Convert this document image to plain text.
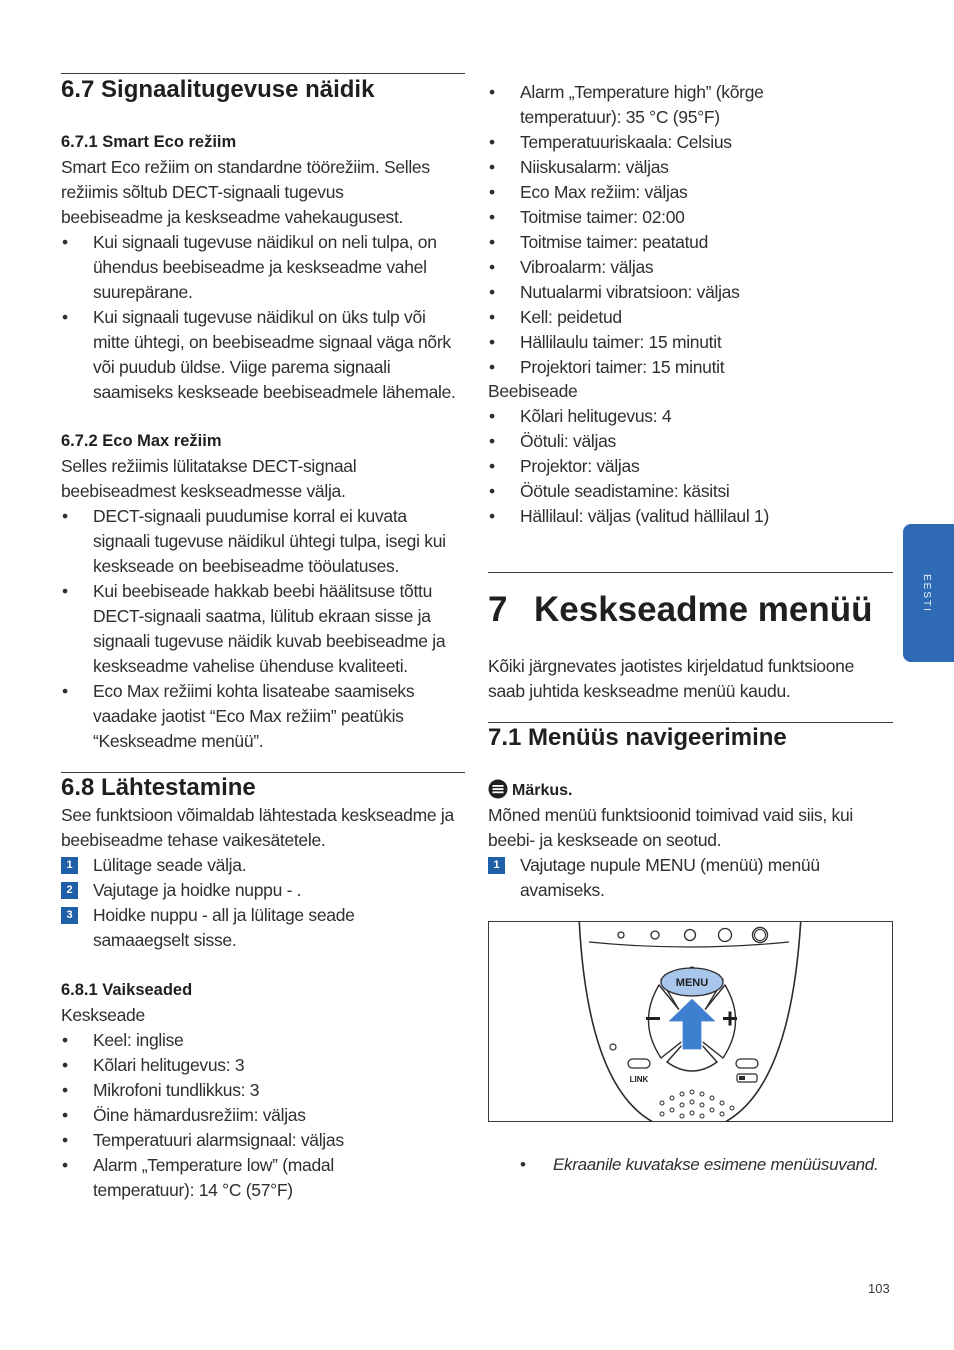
6.7 Signaalitugevuse näidik
6.7.1 Smart Eco režiim
Smart Eco režiim on standardne töörežiim. Selles režiimis sõltub DECT-signaali tugevus beebiseadme ja keskseadme vahekaugusest.
• Kui signaali tugevuse näidikul on neli tulpa, on ühendus beebiseadme ja keskseadme vahel suurepärane.
• Kui signaali tugevuse näidikul on üks tulp või mitte ühtegi, on beebiseadme signaal väga nõrk või puudub üldse. Viige parema signaali saamiseks keskseade beebiseadmele lähemale.
6.7.2 Eco Max režiim
Selles režiimis lülitatakse DECT-signaal beebiseadmest keskseadmesse välja.
• DECT-signaali puudumise korral ei kuvata signaali tugevuse näidikul ühtegi tulpa, isegi kui keskseade on beebiseadme tööulatuses.
• Kui beebiseade hakkab beebi häälitsuse tõttu DECT-signaali saatma, lülitub ekraan sisse ja signaali tugevuse näidik kuvab beebiseadme ja keskseadme vahelise ühenduse kvaliteeti.
• Eco Max režiimi kohta lisateabe saamiseks vaadake jaotist “Eco Max režiim” peatükis “Keskseadme menüü”.
6.8 Lähtestamine
See funktsioon võimaldab lähtestada keskseadme ja beebiseadme tehase vaikesätetele.
1	Lülitage seade välja.
2	Vajutage ja hoidke nuppu - .
3	Hoidke nuppu - all ja lülitage seade samaaegselt sisse.
6.8.1 Vaikseaded
Keskseade
• Keel: inglise
• Kõlari helitugevus: 3
• Mikrofoni tundlikkus: 3
• Öine hämardusrežiim: väljas
• Temperatuuri alarmsignaal: väljas
• Alarm „Temperature low” (madal temperatuur): 14 °C (57°F)
• Alarm „Temperature high” (kõrge temperatuur): 35 °C (95°F)
• Temperatuuriskaala: Celsius
• Niiskusalarm: väljas
• Eco Max režiim: väljas
• Toitmise taimer: 02:00
• Toitmise taimer: peatatud
• Vibroalarm: väljas
• Nutualarmi vibratsioon: väljas
• Kell: peidetud
• Hällilaulu taimer: 15 minutit
• Projektori taimer: 15 minutit
Beebiseade
• Kõlari helitugevus: 4
• Öötuli: väljas
• Projektor: väljas
• Öötule seadistamine: käsitsi
• Hällilaul: väljas (valitud hällilaul 1)
7 Keskseadme menüü
Kõiki järgnevates jaotistes kirjeldatud funktsioone saab juhtida keskseadme menüü kaudu.
7.1 Menüüs navigeerimine
Märkus.
Mõned menüü funktsioonid toimivad vaid siis, kui beebi- ja keskseade on seotud.
1	Vajutage nupule MENU (menüü) menüü avamiseks.
MENU
LINK
• Ekraanile kuvatakse esimene menüüsuvand.
EESTI
103
